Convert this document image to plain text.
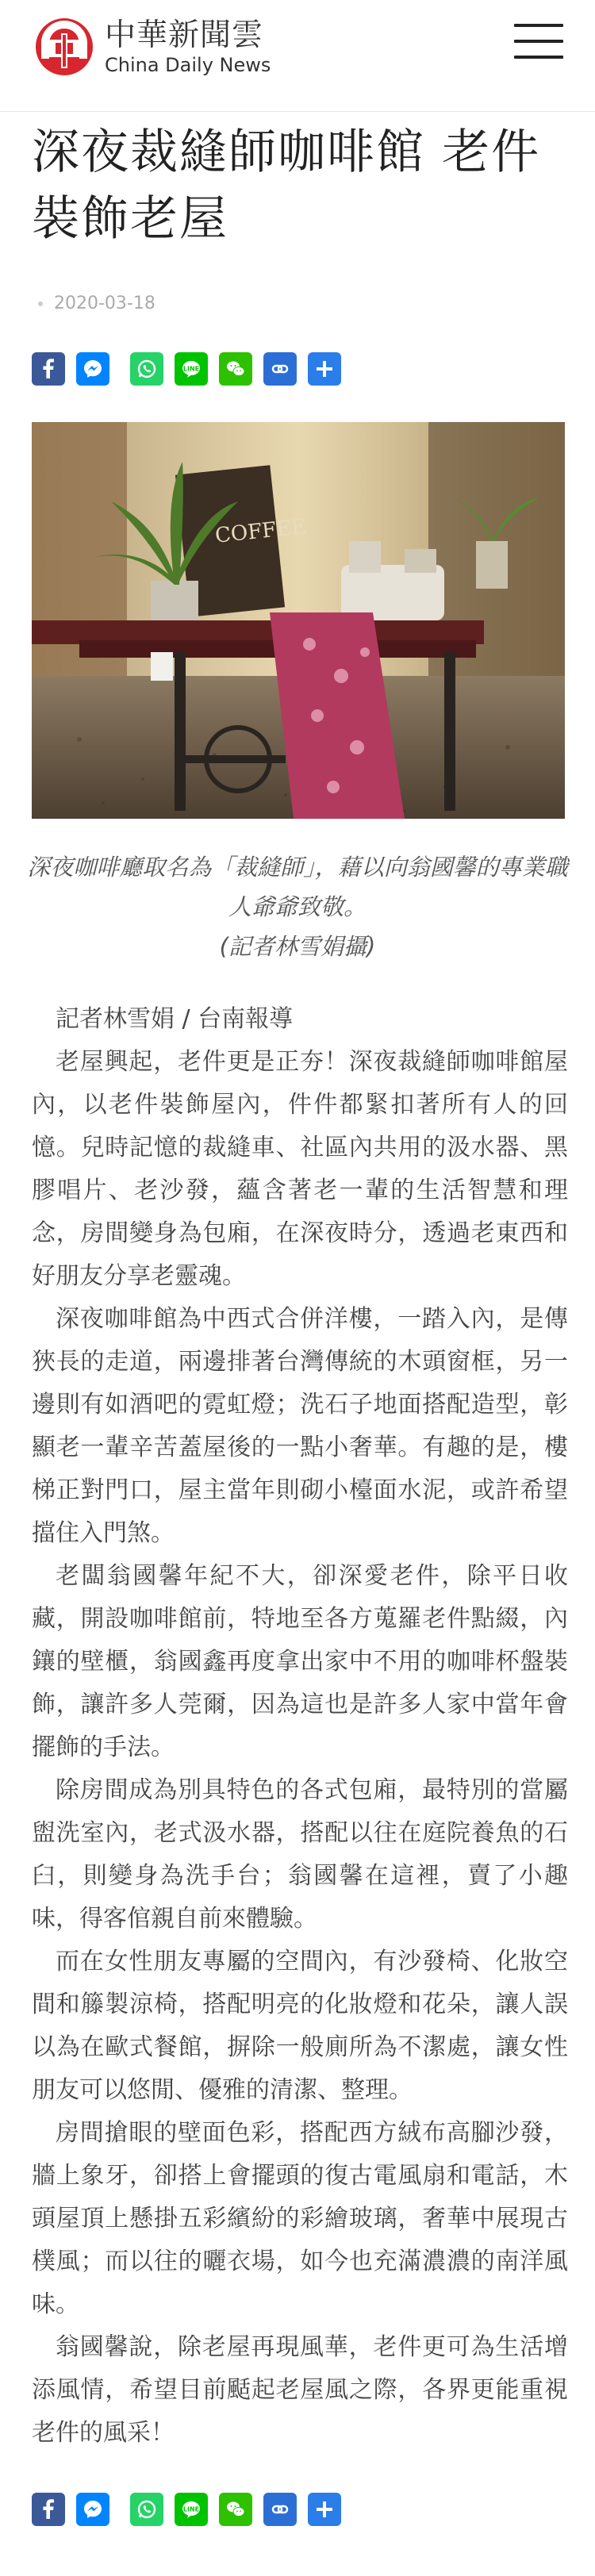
中華新聞雲
China Daily News
深夜裁縫師咖啡館 老件裝飾老屋
2020-03-18
LINE
COFFEE
深夜咖啡廳取名為「裁縫師」，藉以向翁國馨的專業職人爺爺致敬。
(記者林雪娟攝)

記者林雪娟 / 台南報導

老屋興起，老件更是正夯！深夜裁縫師咖啡館屋內，以老件裝飾屋內，件件都緊扣著所有人的回憶。兒時記憶的裁縫車、社區內共用的汲水器、黑膠唱片、老沙發，蘊含著老一輩的生活智慧和理念，房間變身為包廂，在深夜時分，透過老東西和好朋友分享老靈魂。

深夜咖啡館為中西式合併洋樓，一踏入內，是傳狹長的走道，兩邊排著台灣傳統的木頭窗框，另一邊則有如酒吧的霓虹燈；洗石子地面搭配造型，彰顯老一輩辛苦蓋屋後的一點小奢華。有趣的是，樓梯正對門口，屋主當年則砌小檯面水泥，或許希望擋住入門煞。

老闆翁國馨年紀不大，卻深愛老件，除平日收藏，開設咖啡館前，特地至各方蒐羅老件點綴，內鑲的壁櫃，翁國鑫再度拿出家中不用的咖啡杯盤裝飾，讓許多人莞爾，因為這也是許多人家中當年會擺飾的手法。

除房間成為別具特色的各式包廂，最特別的當屬盥洗室內，老式汲水器，搭配以往在庭院養魚的石臼，則變身為洗手台；翁國馨在這裡，賣了小趣味，得客倌親自前來體驗。

而在女性朋友專屬的空間內，有沙發椅、化妝空間和籐製涼椅，搭配明亮的化妝燈和花朵，讓人誤以為在歐式餐館，摒除一般廁所為不潔處，讓女性朋友可以悠閒、優雅的清潔、整理。

房間搶眼的壁面色彩，搭配西方絨布高腳沙發，牆上象牙，卻搭上會擺頭的復古電風扇和電話，木頭屋頂上懸掛五彩繽紛的彩繪玻璃，奢華中展現古樸風；而以往的曬衣場，如今也充滿濃濃的南洋風味。

翁國馨說，除老屋再現風華，老件更可為生活增添風情，希望目前颳起老屋風之際，各界更能重視老件的風采！

LINE
